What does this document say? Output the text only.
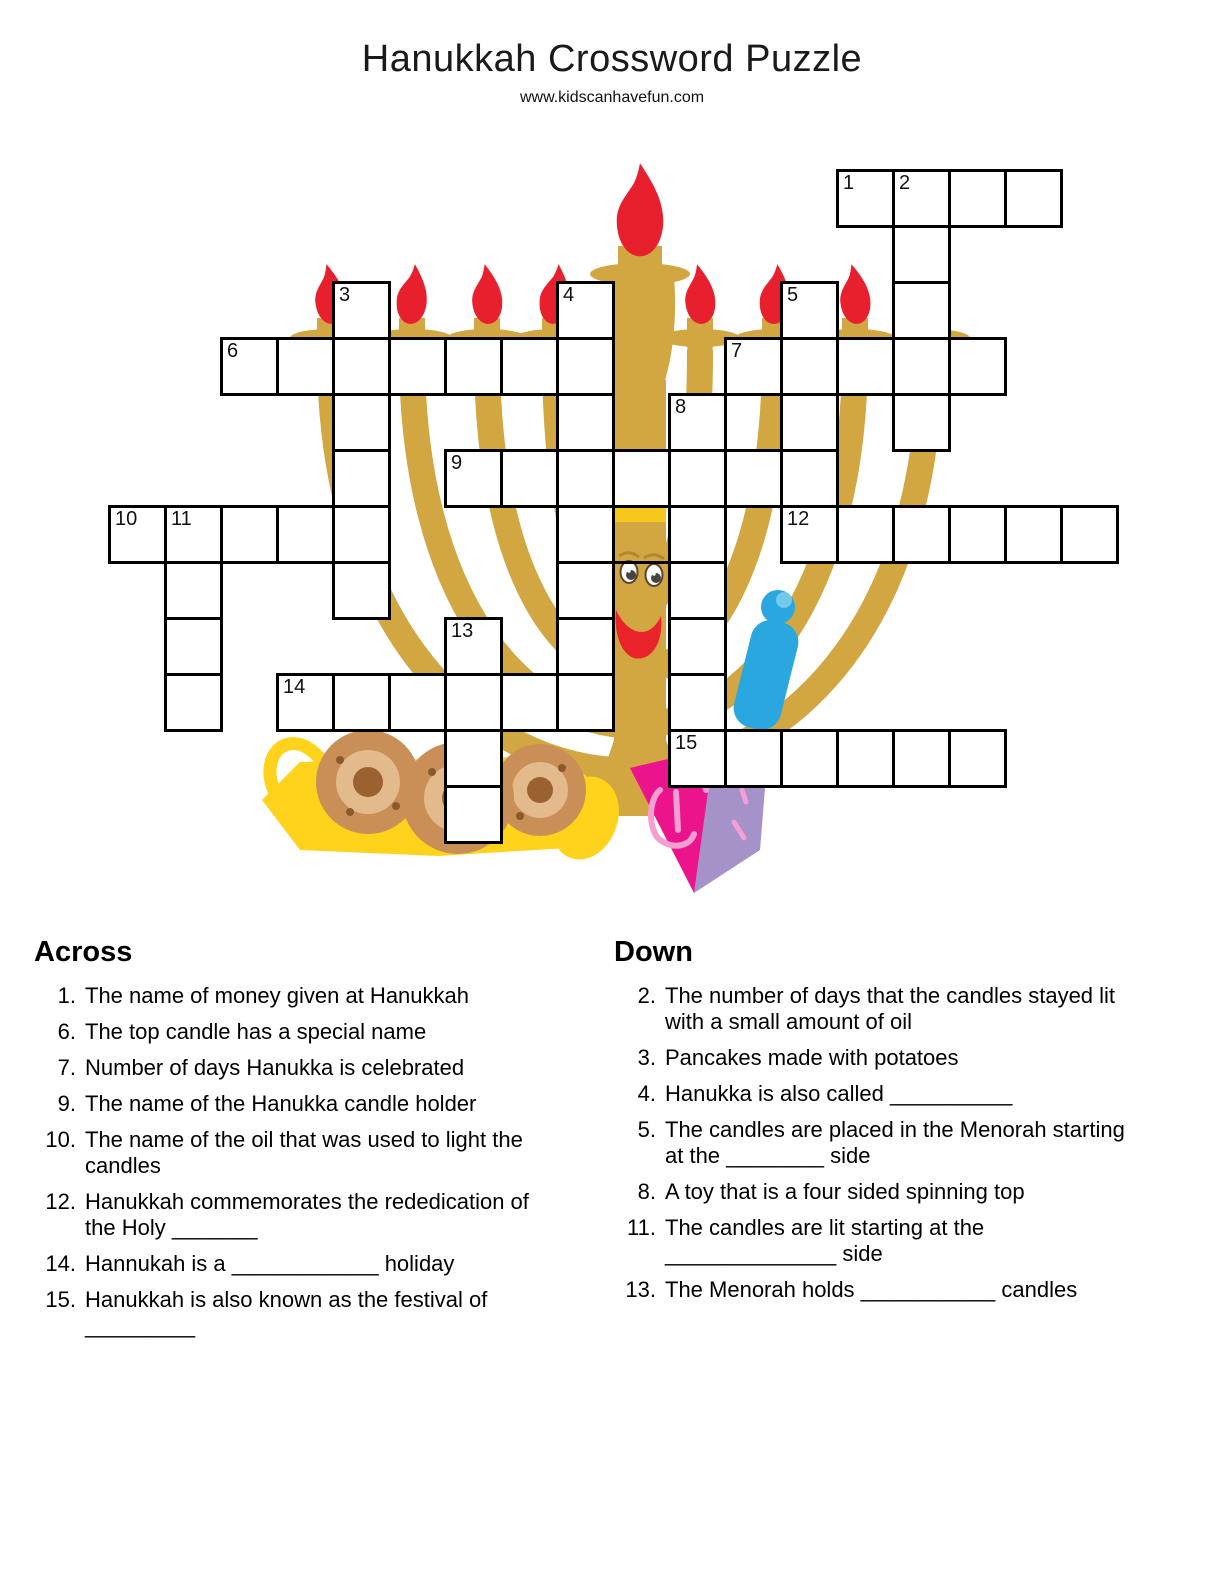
Hanukkah Crossword Puzzle
www.kidscanhavefun.com
1 2
6	7
9
10 11	12
14
15
3	4	5
8
13
Across
1. The name of money given at Hanukkah
6. The top candle has a special name
7. Number of days Hanukka is celebrated
9. The name of the Hanukka candle holder
10. The name of the oil that was used to light the candles
12. Hanukkah commemorates the rededication of the Holy _______
14. Hannukah is a ____________ holiday
15. Hanukkah is also known as the festival of _________
Down
2. The number of days that the candles stayed lit with a small amount of oil
3. Pancakes made with potatoes
4. Hanukka is also called __________
5. The candles are placed in the Menorah starting at the ________ side
8. A toy that is a four sided spinning top
11. The candles are lit starting at the ______________ side
13. The Menorah holds ___________ candles
